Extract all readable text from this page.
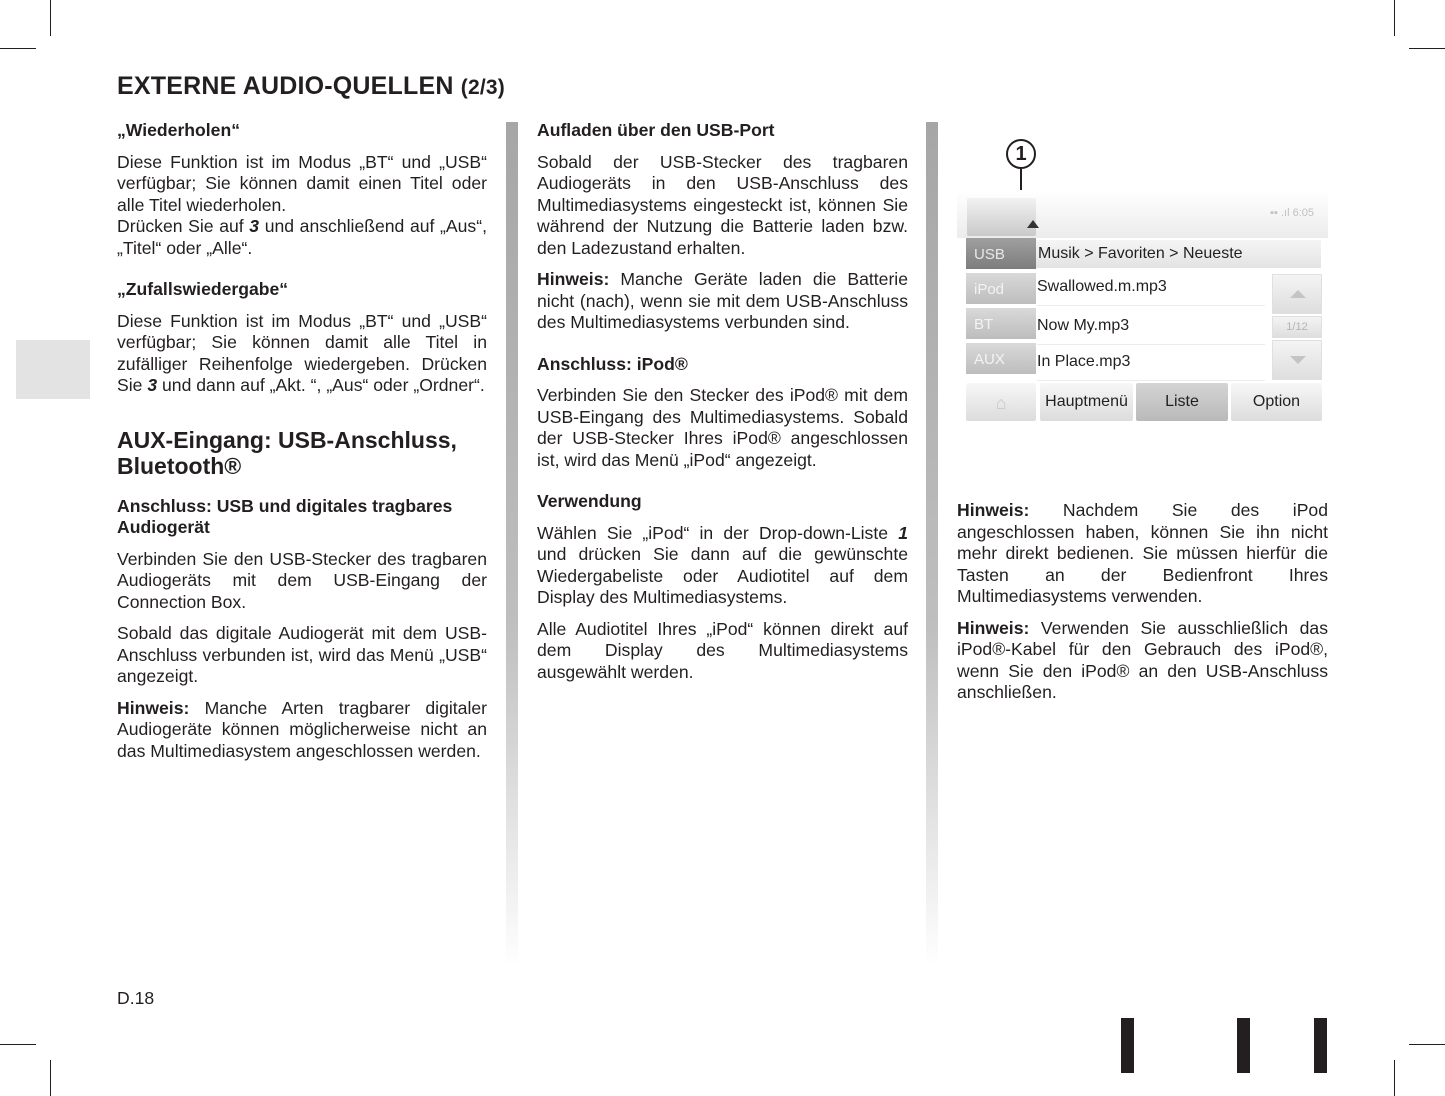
EXTERNE AUDIO-QUELLEN (2/3)
„Wiederholen“

Diese Funktion ist im Modus „BT“ und „USB“ verfügbar; Sie können damit einen Titel oder alle Titel wiederholen.

Drücken Sie auf 3 und anschließend auf „Aus“, „Titel“ oder „Alle“.

„Zufallswiedergabe“

Diese Funktion ist im Modus „BT“ und „USB“ verfügbar; Sie können damit alle Titel in zufälliger Reihenfolge wiedergeben. Drücken Sie 3 und dann auf „Akt. “, „Aus“ oder „Ordner“.

AUX-Eingang: USB-Anschluss, Bluetooth®
Anschluss: USB und digitales tragbares Audiogerät

Verbinden Sie den USB-Stecker des tragbaren Audiogeräts mit dem USB-Eingang der Connection Box.

Sobald das digitale Audiogerät mit dem USB-Anschluss verbunden ist, wird das Menü „USB“ angezeigt.

Hinweis: Manche Arten tragbarer digitaler Audiogeräte können möglicherweise nicht an das Multimediasystem angeschlossen werden.

Aufladen über den USB-Port

Sobald der USB-Stecker des tragbaren Audiogeräts in den USB-Anschluss des Multimediasystems eingesteckt ist, können Sie während der Nutzung die Batterie laden bzw. den Ladezustand erhalten.

Hinweis: Manche Geräte laden die Batterie nicht (nach), wenn sie mit dem USB-Anschluss des Multimediasystems verbunden sind.

Anschluss: iPod®

Verbinden Sie den Stecker des iPod® mit dem USB-Eingang des Multimediasystems. Sobald der USB-Stecker Ihres iPod® angeschlossen ist, wird das Menü „iPod“ angezeigt.

Verwendung

Wählen Sie „iPod“ in der Drop-down-Liste 1 und drücken Sie dann auf die gewünschte Wiedergabeliste oder Audiotitel auf dem Display des Multimediasystems.

Alle Audiotitel Ihres „iPod“ können direkt auf dem Display des Multimediasystems ausgewählt werden.

1
▪▪ .ıl 6:05
USB
iPod
BT
AUX
Musik > Favoriten > Neueste
Swallowed.m.mp3
Now My.mp3
In Place.mp3
1/12
⌂	Hauptmenü	Liste	Option

Hinweis: Nachdem Sie des iPod angeschlossen haben, können Sie ihn nicht mehr direkt bedienen. Sie müssen hierfür die Tasten an der Bedienfront Ihres Multimediasystems verwenden.

Hinweis: Verwenden Sie ausschließlich das iPod®-Kabel für den Gebrauch des iPod®, wenn Sie den iPod® an den USB-Anschluss anschließen.

D.18
